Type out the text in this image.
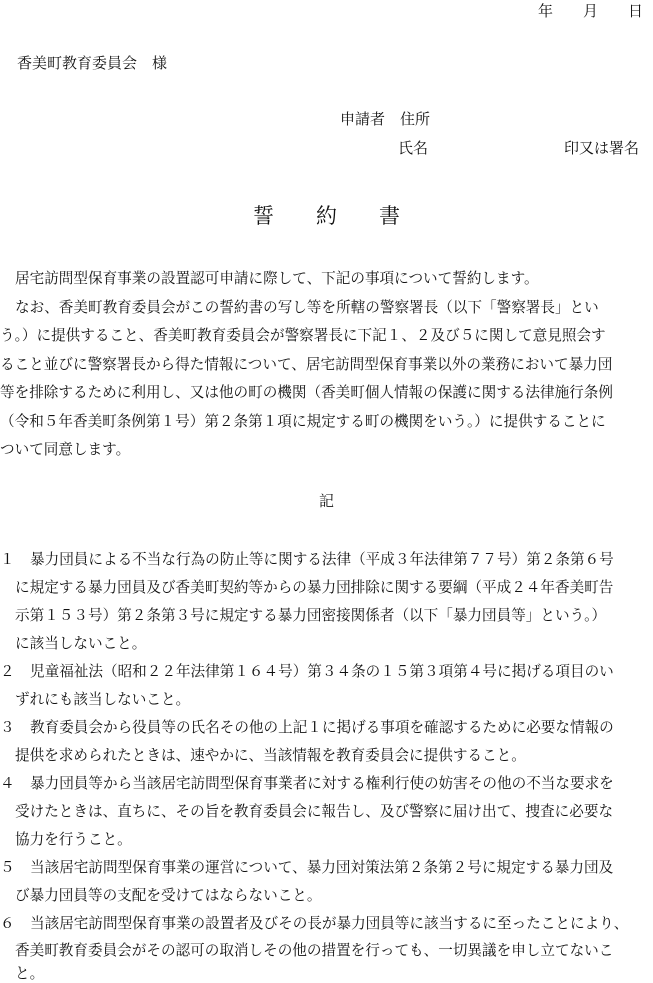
年 月 日
香美町教育委員会　様
申請者　住所
氏名	印又は署名
誓　　約　　書
居宅訪問型保育事業の設置認可申請に際して、下記の事項について誓約します。
なお、香美町教育委員会がこの誓約書の写し等を所轄の警察署長（以下「警察署長」とい
う。）に提供すること、香美町教育委員会が警察署長に下記１、２及び５に関して意見照会す
ること並びに警察署長から得た情報について、居宅訪問型保育事業以外の業務において暴力団
等を排除するために利用し、又は他の町の機関（香美町個人情報の保護に関する法律施行条例
（令和５年香美町条例第１号）第２条第１項に規定する町の機関をいう。）に提供することに
ついて同意します。
記
１ 暴力団員による不当な行為の防止等に関する法律（平成３年法律第７７号）第２条第６号
に規定する暴力団員及び香美町契約等からの暴力団排除に関する要綱（平成２４年香美町告
示第１５３号）第２条第３号に規定する暴力団密接関係者（以下「暴力団員等」という。）
に該当しないこと。
２ 児童福祉法（昭和２２年法律第１６４号）第３４条の１５第３項第４号に掲げる項目のい
ずれにも該当しないこと。
３ 教育委員会から役員等の氏名その他の上記１に掲げる事項を確認するために必要な情報の
提供を求められたときは、速やかに、当該情報を教育委員会に提供すること。
４ 暴力団員等から当該居宅訪問型保育事業者に対する権利行使の妨害その他の不当な要求を
受けたときは、直ちに、その旨を教育委員会に報告し、及び警察に届け出て、捜査に必要な
協力を行うこと。
５ 当該居宅訪問型保育事業の運営について、暴力団対策法第２条第２号に規定する暴力団及
び暴力団員等の支配を受けてはならないこと。
６ 当該居宅訪問型保育事業の設置者及びその長が暴力団員等に該当するに至ったことにより、
香美町教育委員会がその認可の取消しその他の措置を行っても、一切異議を申し立てないこ
と。
